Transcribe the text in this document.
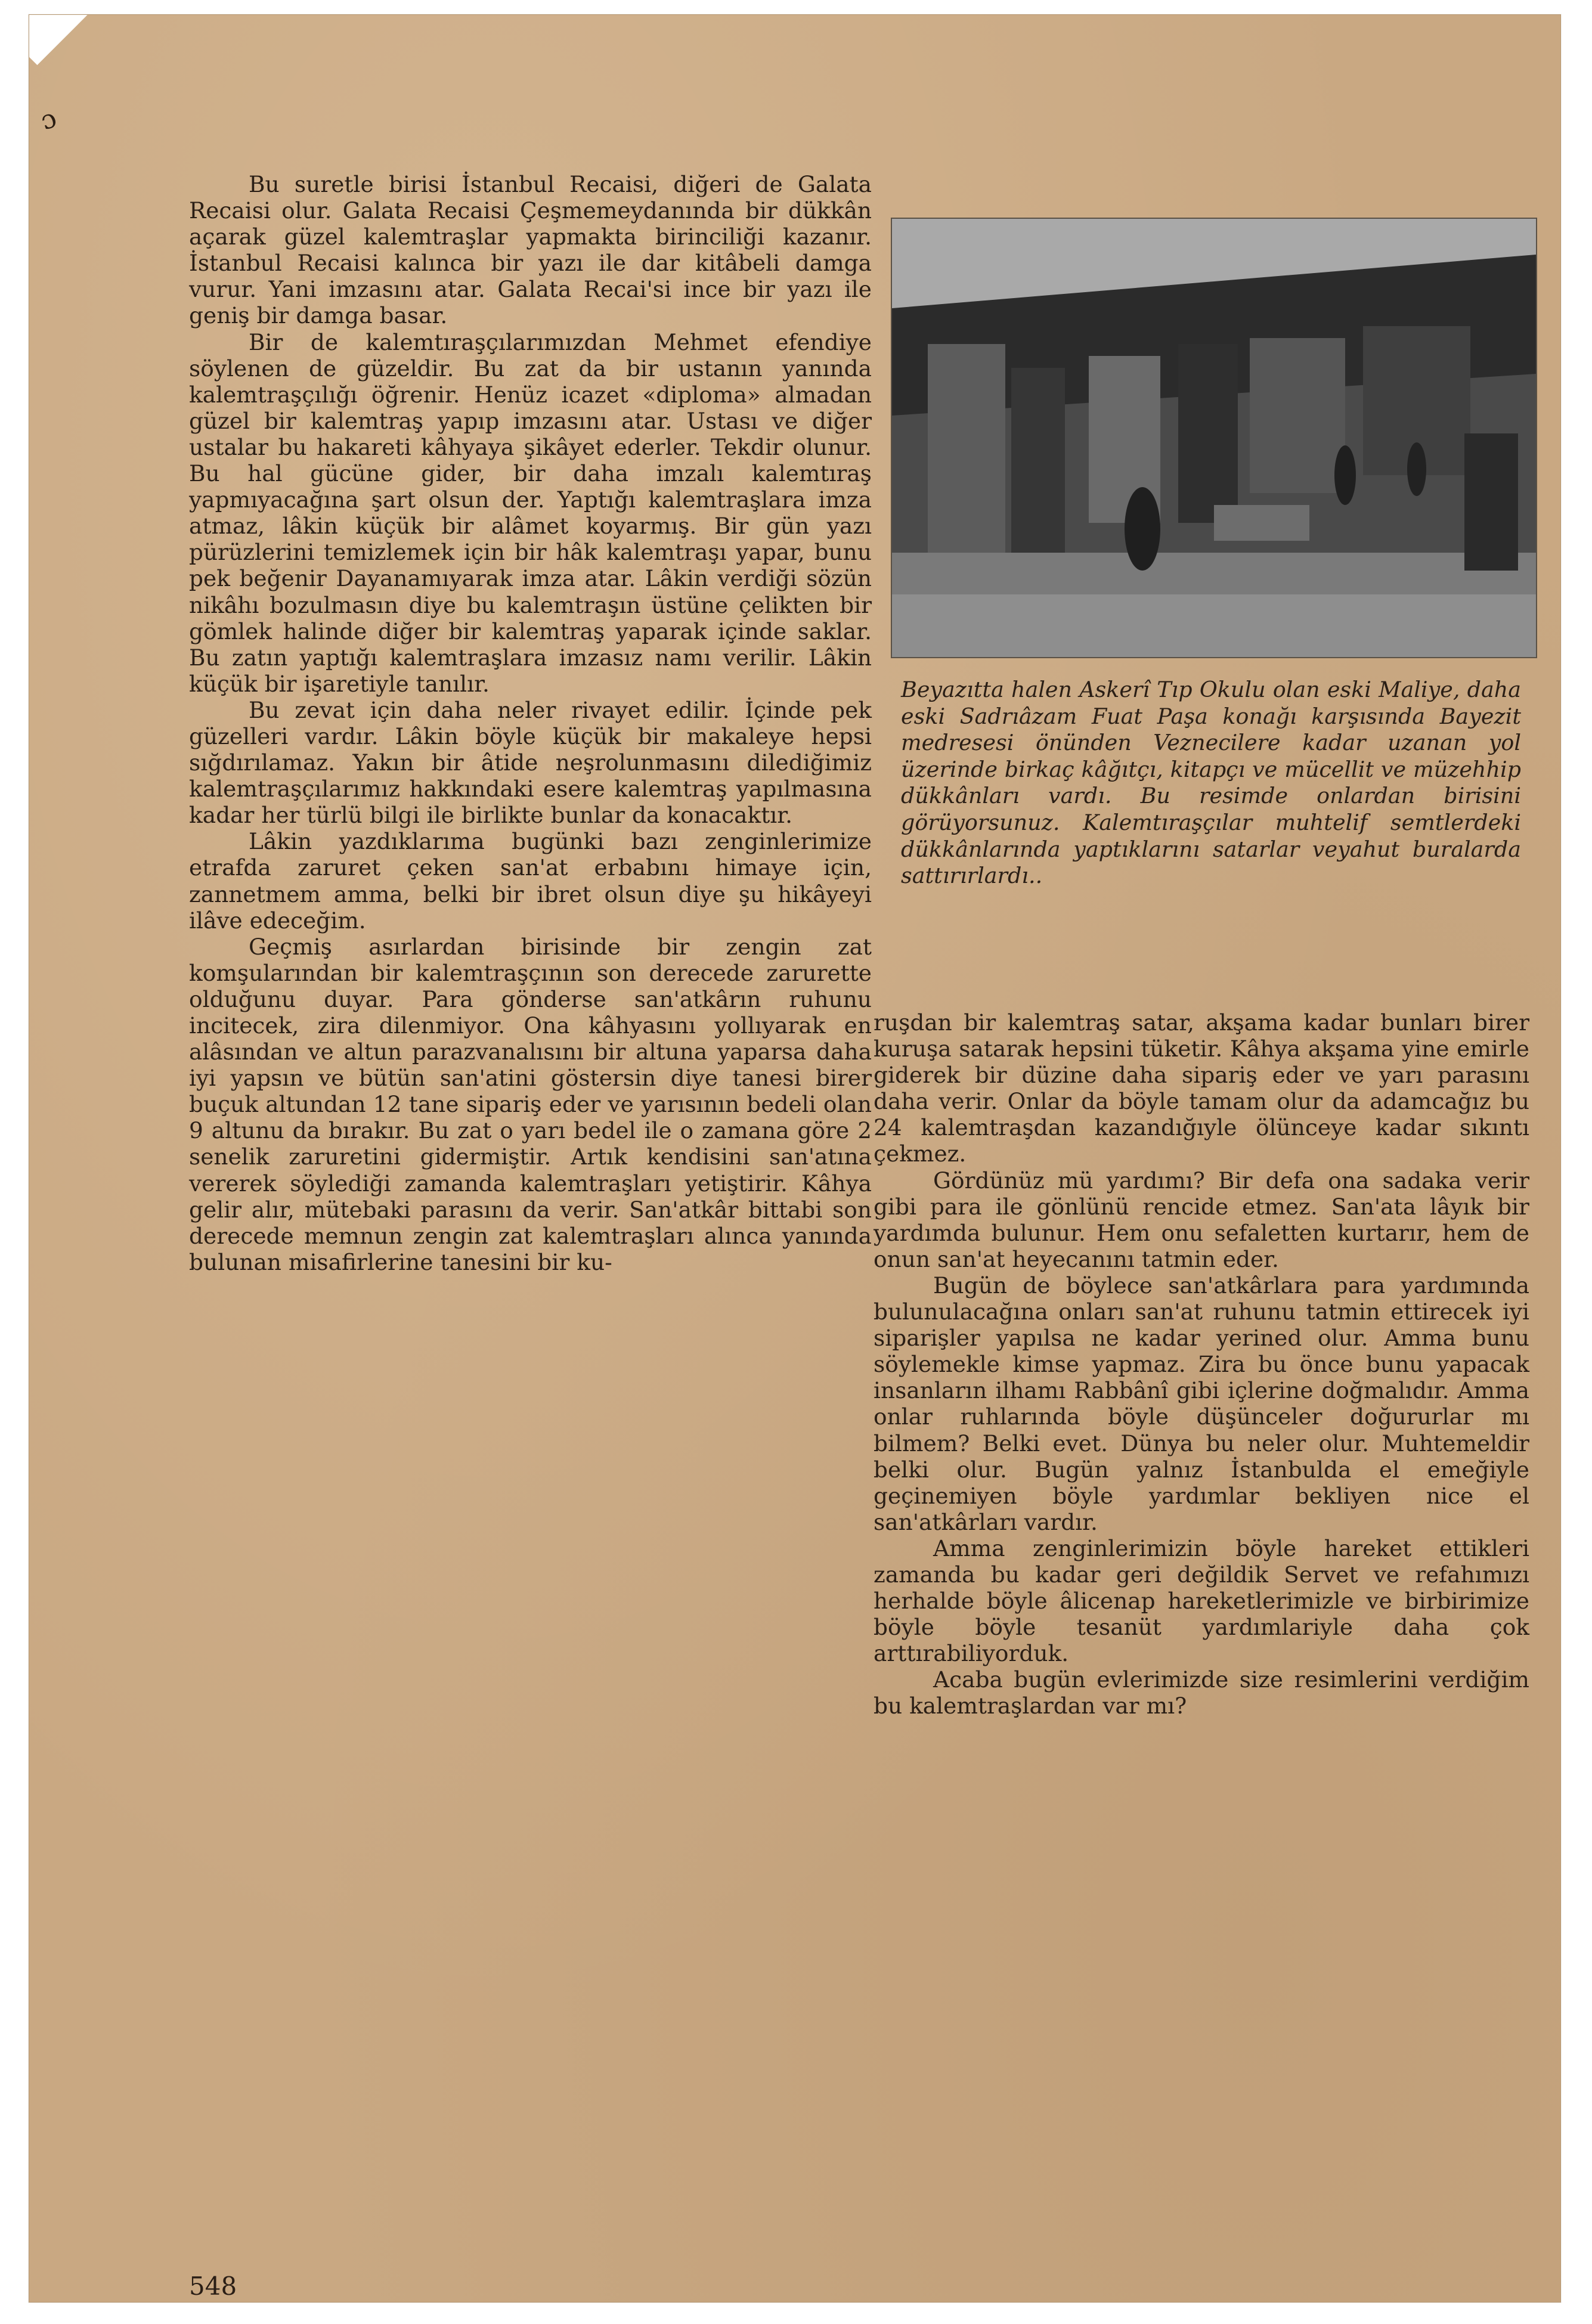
ɔ

Bu suretle birisi İstanbul Recaisi, diğeri de Galata Recaisi olur. Galata Recaisi Çeşmemeydanında bir dükkân açarak güzel kalemtraşlar yapmakta birinciliği kazanır. İstanbul Recaisi kalınca bir yazı ile dar kitâbeli damga vurur. Yani imzasını atar. Galata Recai'si ince bir yazı ile geniş bir damga basar.

Bir de kalemtıraşçılarımızdan Mehmet efendiye söylenen de güzeldir. Bu zat da bir ustanın yanında kalemtraşçılığı öğrenir. Henüz icazet «diploma» almadan güzel bir kalemtraş yapıp imzasını atar. Ustası ve diğer ustalar bu hakareti kâhyaya şikâyet ederler. Tekdir olunur. Bu hal gücüne gider, bir daha imzalı kalemtıraş yapmıyacağına şart olsun der. Yaptığı kalemtraşlara imza atmaz, lâkin küçük bir alâmet koyarmış. Bir gün yazı pürüzlerini temizlemek için bir hâk kalemtraşı yapar, bunu pek beğenir Dayanamıyarak imza atar. Lâkin verdiği sözün nikâhı bozulmasın diye bu kalemtraşın üstüne çelikten bir gömlek halinde diğer bir kalemtraş yaparak içinde saklar. Bu zatın yaptığı kalemtraşlara imzasız namı verilir. Lâkin küçük bir işaretiyle tanılır.

Bu zevat için daha neler rivayet edilir. İçinde pek güzelleri vardır. Lâkin böyle küçük bir makaleye hepsi sığdırılamaz. Yakın bir âtide neşrolunmasını dilediğimiz kalemtraşçılarımız hakkındaki esere kalemtraş yapılmasına kadar her türlü bilgi ile birlikte bunlar da konacaktır.

Lâkin yazdıklarıma bugünki bazı zenginlerimize etrafda zaruret çeken san'at erbabını himaye için, zannetmem amma, belki bir ibret olsun diye şu hikâyeyi ilâve edeceğim.

Geçmiş asırlardan birisinde bir zengin zat komşularından bir kalemtraşçının son derecede zarurette olduğunu duyar. Para gönderse san'atkârın ruhunu incitecek, zira dilenmiyor. Ona kâhyasını yollıyarak en alâsından ve altun parazvanalısını bir altuna yaparsa daha iyi yapsın ve bütün san'atini göstersin diye tanesi birer buçuk altundan 12 tane sipariş eder ve yarısının bedeli olan 9 altunu da bırakır. Bu zat o yarı bedel ile o zamana göre 2 senelik zaruretini gidermiştir. Artık kendisini san'atına vererek söylediği zamanda kalemtraşları yetiştirir. Kâhya gelir alır, mütebaki parasını da verir. San'atkâr bittabi son derecede memnun zengin zat kalemtraşları alınca yanında bulunan misafirlerine tanesini bir ku-

Beyazıtta halen Askerî Tıp Okulu olan eski Maliye, daha eski Sadrıâzam Fuat Paşa konağı karşısında Bayezit medresesi önünden Veznecilere kadar uzanan yol üzerinde birkaç kâğıtçı, kitapçı ve mücellit ve müzehhip dükkânları vardı. Bu resimde onlardan birisini görüyorsunuz. Kalemtıraşçılar muhtelif semtlerdeki dükkânlarında yaptıklarını satarlar veyahut buralarda sattırırlardı..

ruşdan bir kalemtraş satar, akşama kadar bunları birer kuruşa satarak hepsini tüketir. Kâhya akşama yine emirle giderek bir düzine daha sipariş eder ve yarı parasını daha verir. Onlar da böyle tamam olur da adamcağız bu 24 kalemtraşdan kazandığıyle ölünceye kadar sıkıntı çekmez.

Gördünüz mü yardımı? Bir defa ona sadaka verir gibi para ile gönlünü rencide etmez. San'ata lâyık bir yardımda bulunur. Hem onu sefaletten kurtarır, hem de onun san'at heyecanını tatmin eder.

Bugün de böylece san'atkârlara para yardımında bulunulacağına onları san'at ruhunu tatmin ettirecek iyi siparişler yapılsa ne kadar yerined olur. Amma bunu söylemekle kimse yapmaz. Zira bu önce bunu yapacak insanların ilhamı Rabbânî gibi içlerine doğmalıdır. Amma onlar ruhlarında böyle düşünceler doğururlar mı bilmem? Belki evet. Dünya bu neler olur. Muhtemeldir belki olur. Bugün yalnız İstanbulda el emeğiyle geçinemiyen böyle yardımlar bekliyen nice el san'atkârları vardır.

Amma zenginlerimizin böyle hareket ettikleri zamanda bu kadar geri değildik Servet ve refahımızı herhalde böyle âlicenap hareketlerimizle ve birbirimize böyle böyle tesanüt yardımlariyle daha çok arttırabiliyorduk.

Acaba bugün evlerimizde size resimlerini verdiğim bu kalemtraşlardan var mı?

548
